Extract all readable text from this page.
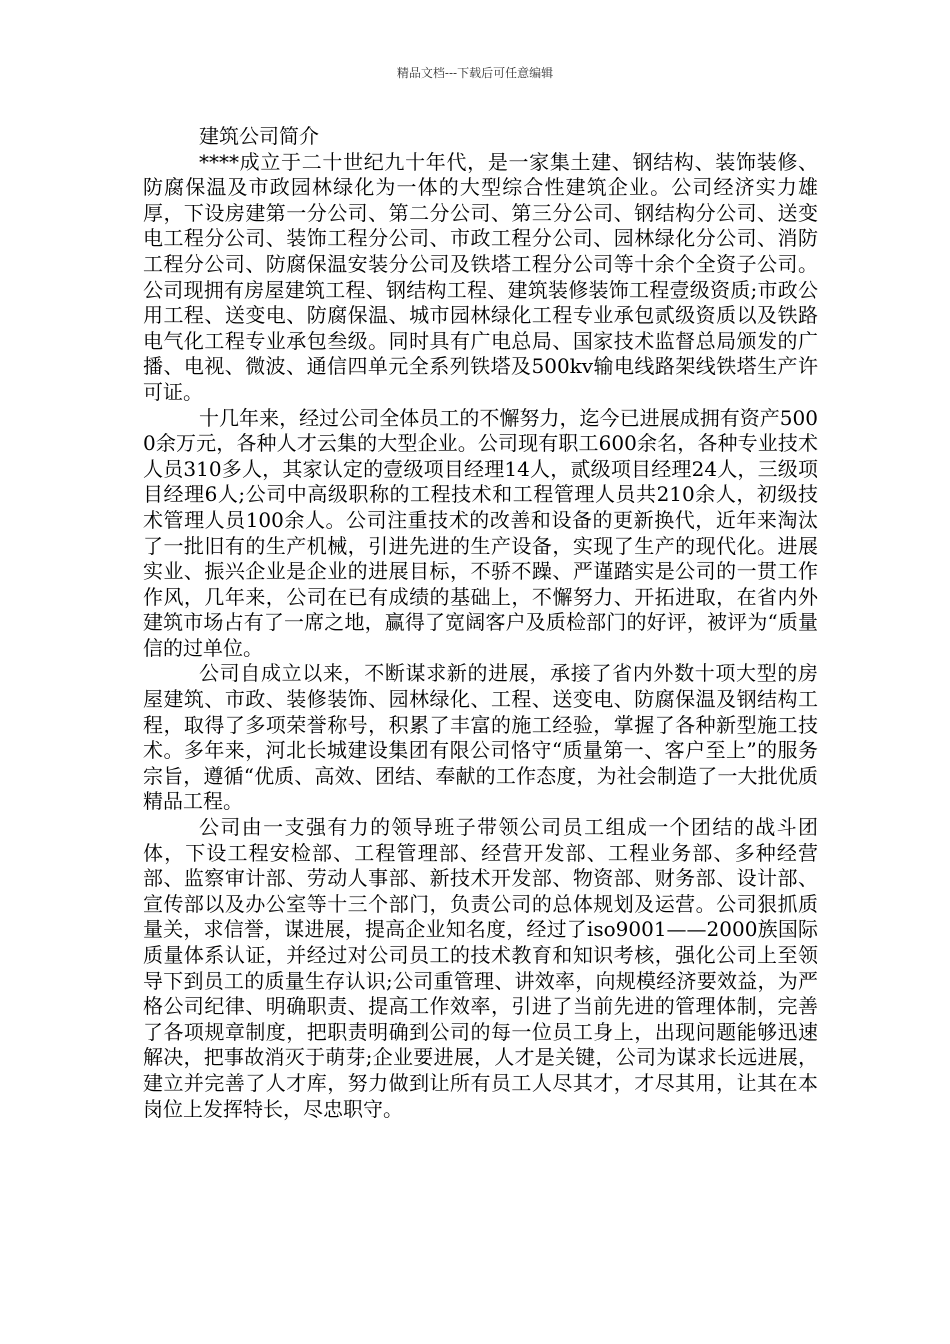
精品文档---下载后可任意编辑
建筑公司简介

****成立于二十世纪九十年代，是一家集土建、钢结构、装饰装修、防腐保温及市政园林绿化为一体的大型综合性建筑企业。公司经济实力雄厚，下设房建第一分公司、第二分公司、第三分公司、钢结构分公司、送变电工程分公司、装饰工程分公司、市政工程分公司、园林绿化分公司、消防工程分公司、防腐保温安装分公司及铁塔工程分公司等十余个全资子公司。公司现拥有房屋建筑工程、钢结构工程、建筑装修装饰工程壹级资质;市政公用工程、送变电、防腐保温、城市园林绿化工程专业承包贰级资质以及铁路电气化工程专业承包叁级。同时具有广电总局、国家技术监督总局颁发的广播、电视、微波、通信四单元全系列铁塔及500kv输电线路架线铁塔生产许可证。

十几年来，经过公司全体员工的不懈努力，迄今已进展成拥有资产5000余万元，各种人才云集的大型企业。公司现有职工600余名，各种专业技术人员310多人，其家认定的壹级项目经理14人，贰级项目经理24人，三级项目经理6人;公司中高级职称的工程技术和工程管理人员共210余人，初级技术管理人员100余人。公司注重技术的改善和设备的更新换代，近年来淘汰了一批旧有的生产机械，引进先进的生产设备，实现了生产的现代化。进展实业、振兴企业是企业的进展目标，不骄不躁、严谨踏实是公司的一贯工作作风，几年来，公司在已有成绩的基础上，不懈努力、开拓进取，在省内外建筑市场占有了一席之地，赢得了宽阔客户及质检部门的好评，被评为“质量信的过单位。

公司自成立以来，不断谋求新的进展，承接了省内外数十项大型的房屋建筑、市政、装修装饰、园林绿化、工程、送变电、防腐保温及钢结构工程，取得了多项荣誉称号，积累了丰富的施工经验，掌握了各种新型施工技术。多年来，河北长城建设集团有限公司恪守“质量第一、客户至上”的服务宗旨，遵循“优质、高效、团结、奉献的工作态度，为社会制造了一大批优质精品工程。

公司由一支强有力的领导班子带领公司员工组成一个团结的战斗团体，下设工程安检部、工程管理部、经营开发部、工程业务部、多种经营部、监察审计部、劳动人事部、新技术开发部、物资部、财务部、设计部、宣传部以及办公室等十三个部门，负责公司的总体规划及运营。公司狠抓质量关，求信誉，谋进展，提高企业知名度，经过了iso9001——2000族国际质量体系认证，并经过对公司员工的技术教育和知识考核，强化公司上至领导下到员工的质量生存认识;公司重管理、讲效率，向规模经济要效益，为严格公司纪律、明确职责、提高工作效率，引进了当前先进的管理体制，完善了各项规章制度，把职责明确到公司的每一位员工身上，出现问题能够迅速解决，把事故消灭于萌芽;企业要进展，人才是关键，公司为谋求长远进展，建立并完善了人才库，努力做到让所有员工人尽其才，才尽其用，让其在本岗位上发挥特长，尽忠职守。
